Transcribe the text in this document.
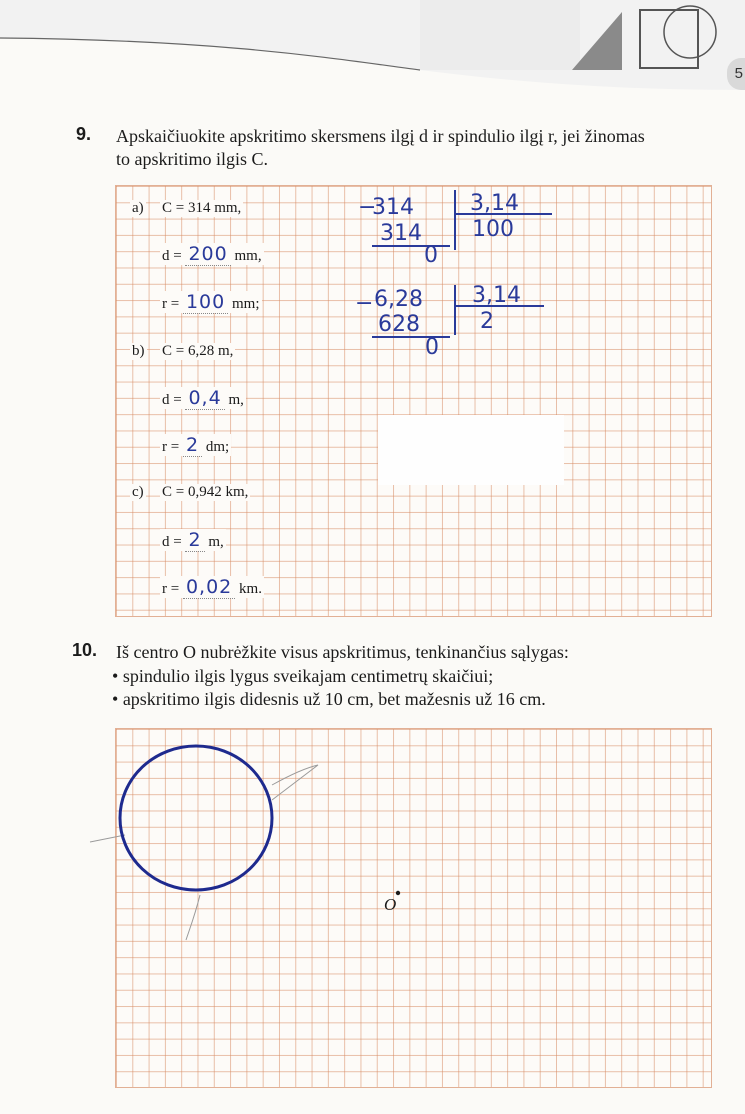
5
9. Apskaičiuokite apskritimo skersmens ilgį d ir spindulio ilgį r, jei žinomas
to apskritimo ilgis C.
a) C = 314 mm,
d = 200 mm,
r = 100 mm;
b) C = 6,28 m,
d = 0,4 m,
r = 2 dm;
c) C = 0,942 km,
d = 2 m,
r = 0,02 km.
−
314	3,14
100
314
0
− 6,28 3,14
2
628
0
10. Iš centro O nubrėžkite visus apskritimus, tenkinančius sąlygas:
• spindulio ilgis lygus sveikajam centimetrų skaičiui;
• apskritimo ilgis didesnis už 10 cm, bet mažesnis už 16 cm.
O
